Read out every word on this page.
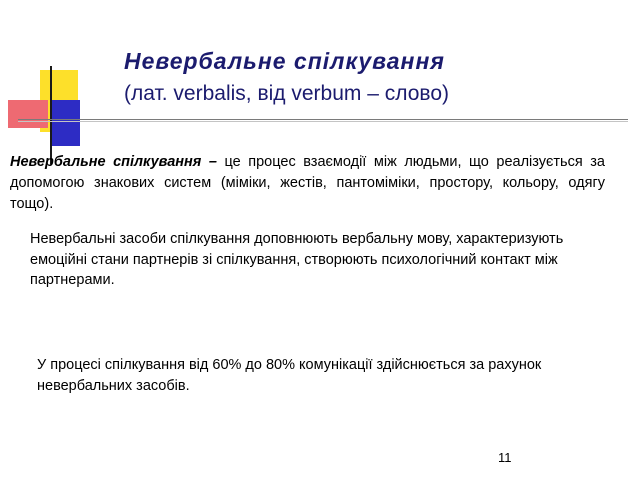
Невербальне спілкування
(лат. verbalis, від verbum – слово)

Невербальне спілкування – це процес взаємодії між людьми, що реалізується за допомогою знакових систем (міміки, жестів, пантоміміки, простору, кольору, одягу тощо).

Невербальні засоби спілкування доповнюють вербальну мову, характеризують емоційні стани партнерів зі спілкування, створюють психологічний контакт між партнерами.

У процесі спілкування від 60% до 80% комунікації здійснюється за рахунок невербальних засобів.

11
